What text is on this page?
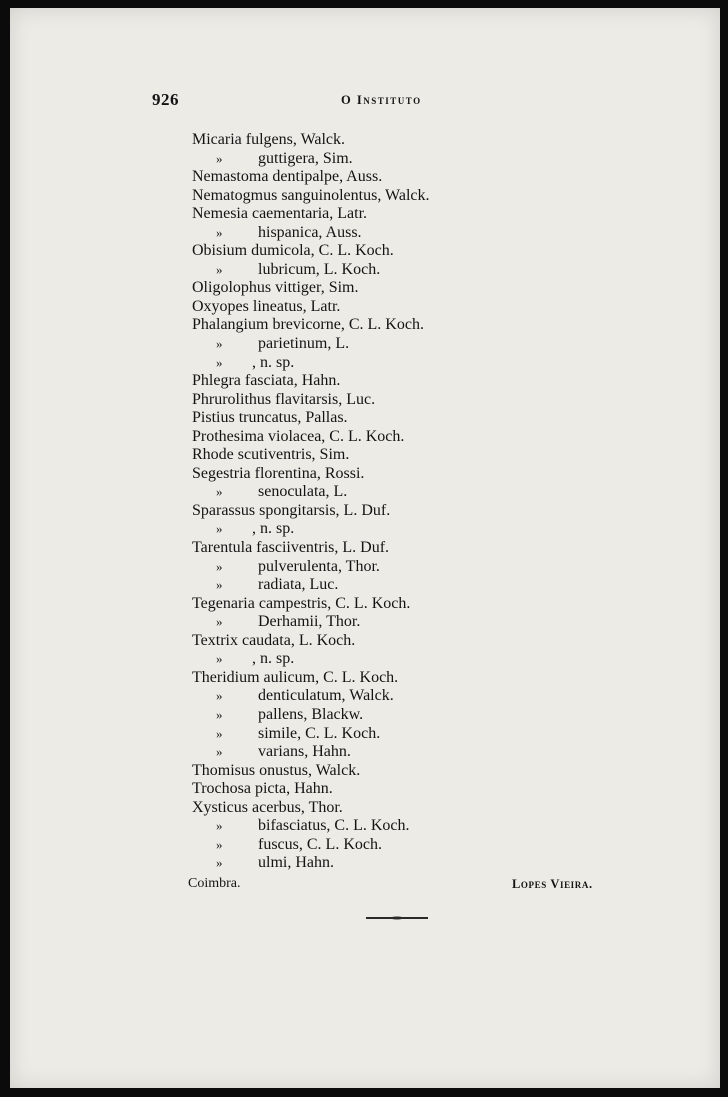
926	O Instituto
Micaria fulgens, Walck.
» guttigera, Sim.
Nemastoma dentipalpe, Auss.
Nematogmus sanguinolentus, Walck.
Nemesia caementaria, Latr.
» hispanica, Auss.
Obisium dumicola, C. L. Koch.
» lubricum, L. Koch.
Oligolophus vittiger, Sim.
Oxyopes lineatus, Latr.
Phalangium brevicorne, C. L. Koch.
» parietinum, L.
» , n. sp.
Phlegra fasciata, Hahn.
Phrurolithus flavitarsis, Luc.
Pistius truncatus, Pallas.
Prothesima violacea, C. L. Koch.
Rhode scutiventris, Sim.
Segestria florentina, Rossi.
» senoculata, L.
Sparassus spongitarsis, L. Duf.
» , n. sp.
Tarentula fasciiventris, L. Duf.
» pulverulenta, Thor.
» radiata, Luc.
Tegenaria campestris, C. L. Koch.
» Derhamii, Thor.
Textrix caudata, L. Koch.
» , n. sp.
Theridium aulicum, C. L. Koch.
» denticulatum, Walck.
» pallens, Blackw.
» simile, C. L. Koch.
» varians, Hahn.
Thomisus onustus, Walck.
Trochosa picta, Hahn.
Xysticus acerbus, Thor.
» bifasciatus, C. L. Koch.
» fuscus, C. L. Koch.
» ulmi, Hahn.
Coimbra.	Lopes Vieira.
